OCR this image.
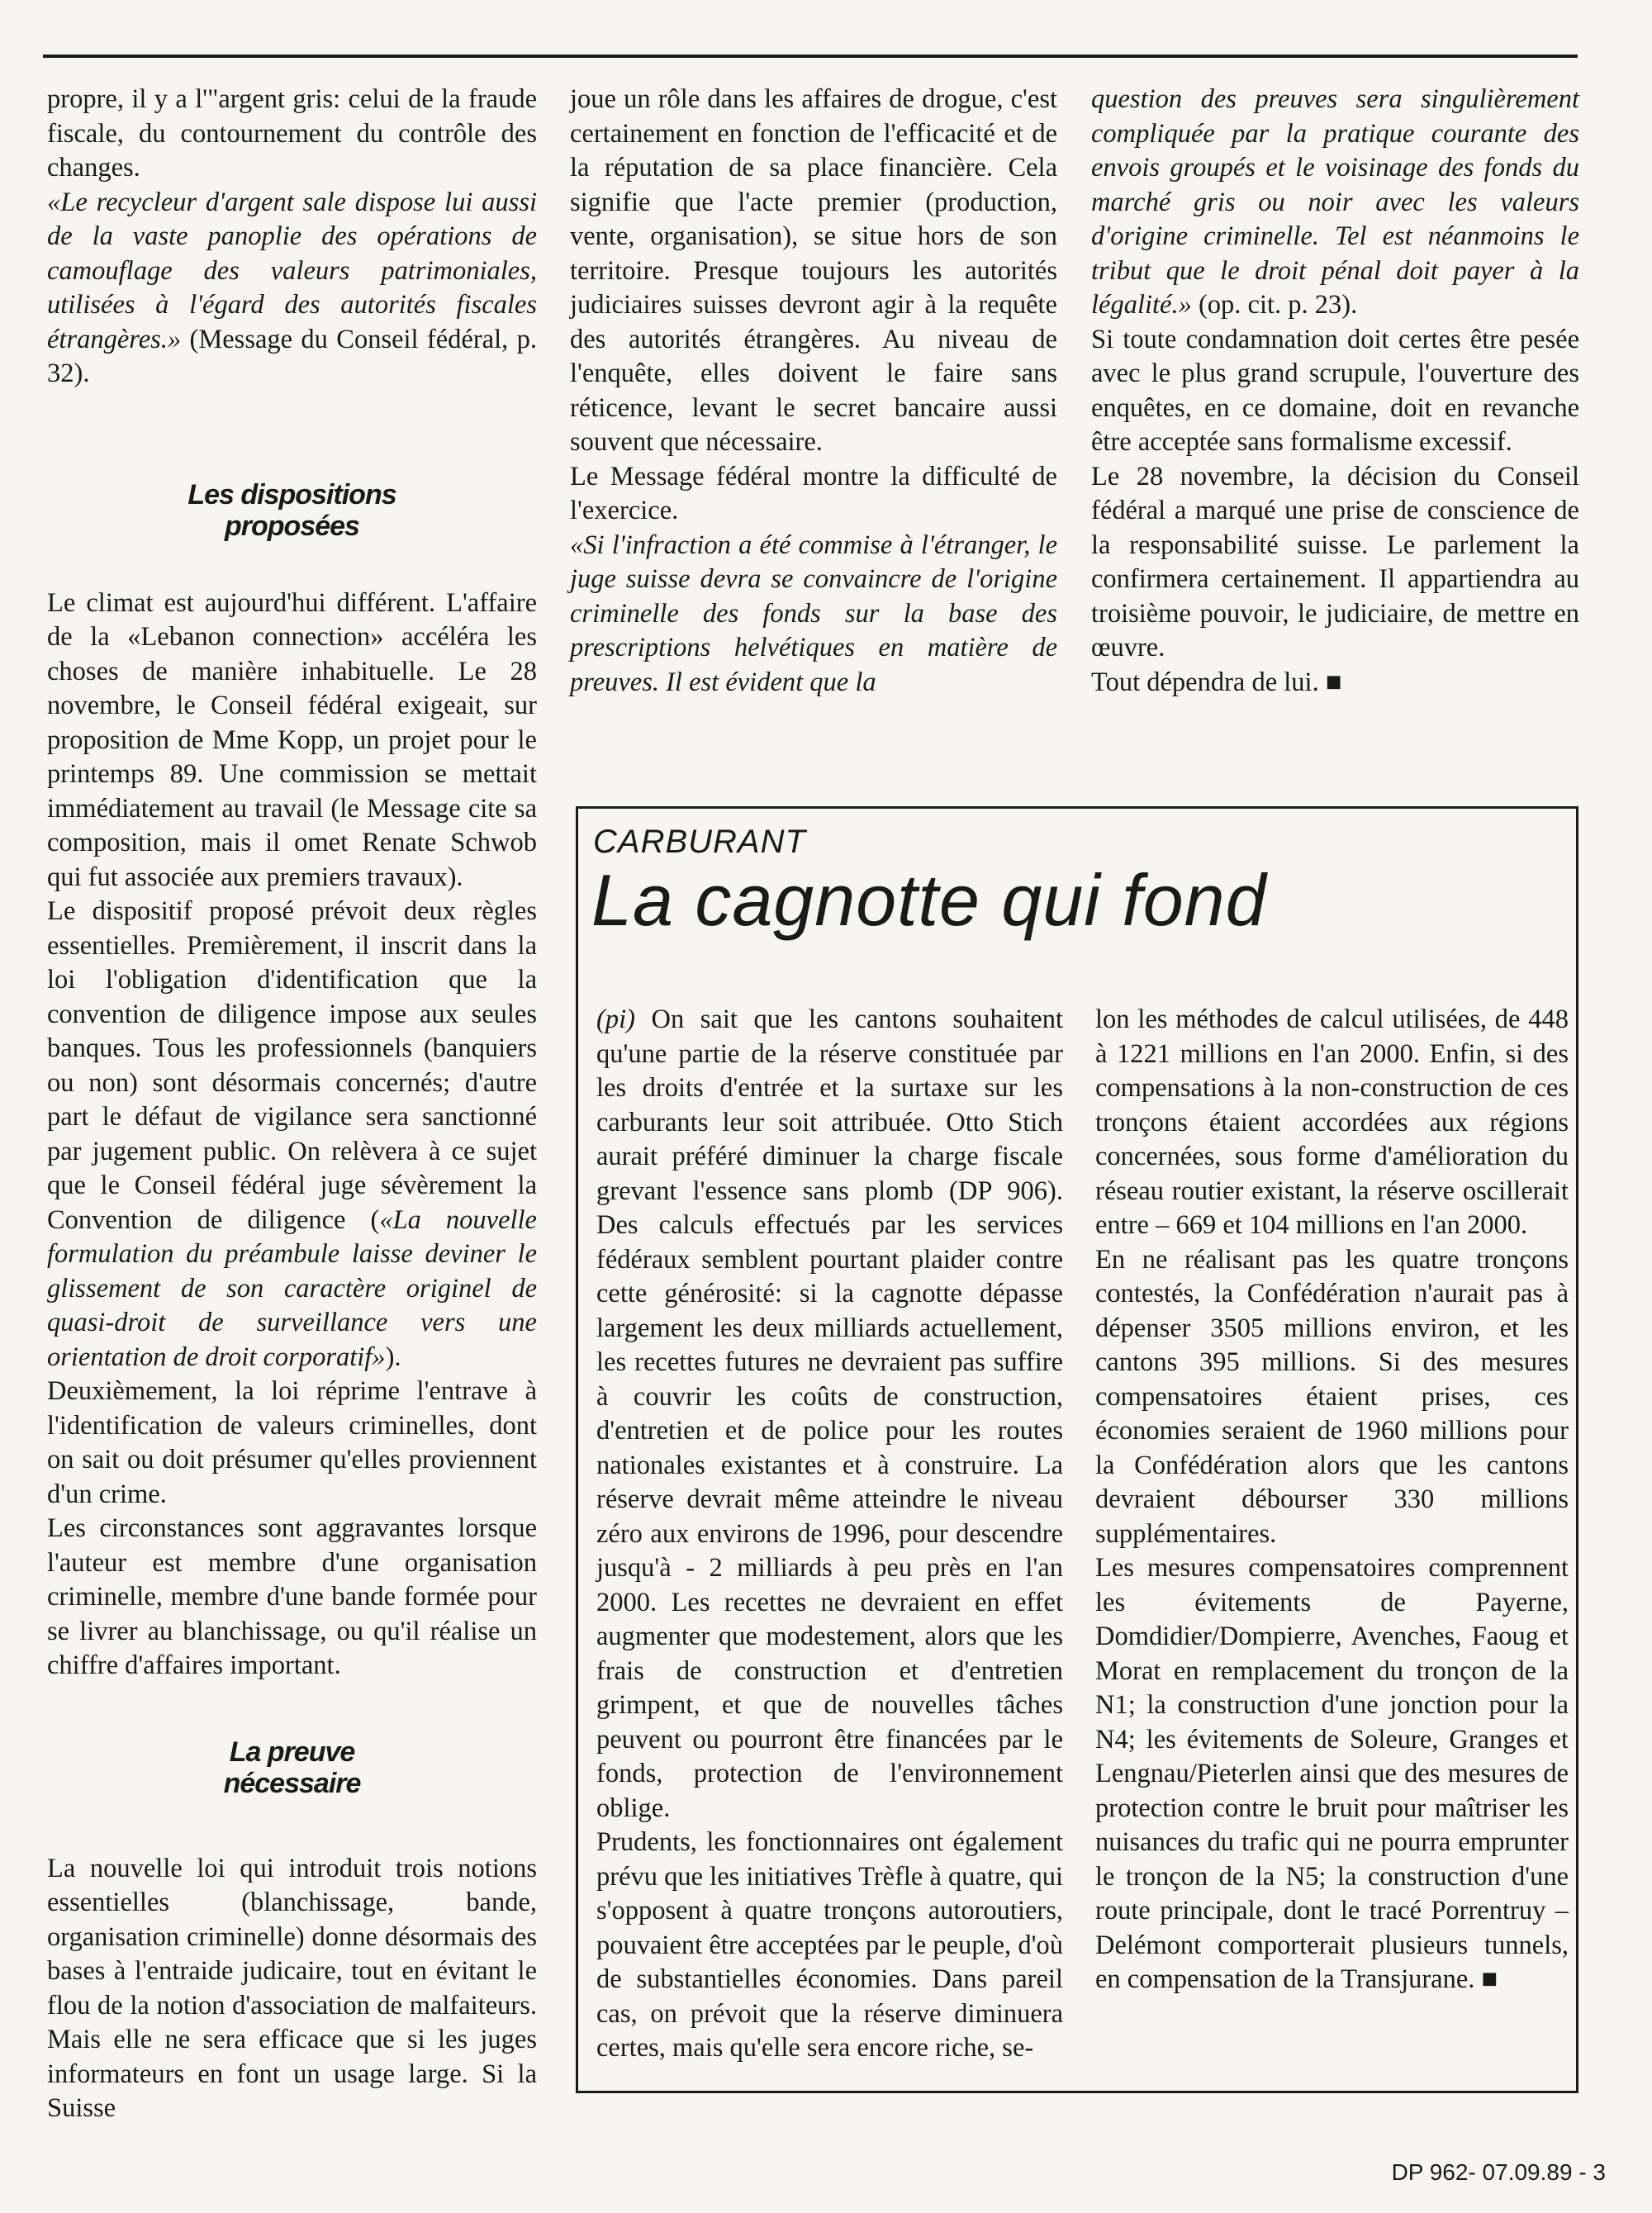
propre, il y a l'"argent gris: celui de la fraude fiscale, du contournement du contrôle des changes.

«Le recycleur d'argent sale dispose lui aussi de la vaste panoplie des opérations de camouflage des valeurs patrimoniales, utilisées à l'égard des autorités fiscales étrangères.» (Message du Conseil fédéral, p. 32).

Les dispositions proposées

Le climat est aujourd'hui différent. L'affaire de la «Lebanon connection» accéléra les choses de manière inhabituelle. Le 28 novembre, le Conseil fédéral exigeait, sur proposition de Mme Kopp, un projet pour le printemps 89. Une commission se mettait immédiatement au travail (le Message cite sa composition, mais il omet Renate Schwob qui fut associée aux premiers travaux).

Le dispositif proposé prévoit deux règles essentielles. Premièrement, il inscrit dans la loi l'obligation d'identification que la convention de diligence impose aux seules banques. Tous les professionnels (banquiers ou non) sont désormais concernés; d'autre part le défaut de vigilance sera sanctionné par jugement public. On relèvera à ce sujet que le Conseil fédéral juge sévèrement la Convention de diligence («La nouvelle formulation du préambule laisse deviner le glissement de son caractère originel de quasi-droit de surveillance vers une orientation de droit corporatif»).

Deuxièmement, la loi réprime l'entrave à l'identification de valeurs criminelles, dont on sait ou doit présumer qu'elles proviennent d'un crime.

Les circonstances sont aggravantes lorsque l'auteur est membre d'une organisation criminelle, membre d'une bande formée pour se livrer au blanchissage, ou qu'il réalise un chiffre d'affaires important.

La preuve nécessaire

La nouvelle loi qui introduit trois notions essentielles (blanchissage, bande, organisation criminelle) donne désormais des bases à l'entraide judicaire, tout en évitant le flou de la notion d'association de malfaiteurs. Mais elle ne sera efficace que si les juges informateurs en font un usage large. Si la Suisse

joue un rôle dans les affaires de drogue, c'est certainement en fonction de l'efficacité et de la réputation de sa place financière. Cela signifie que l'acte premier (production, vente, organisation), se situe hors de son territoire. Presque toujours les autorités judiciaires suisses devront agir à la requête des autorités étrangères. Au niveau de l'enquête, elles doivent le faire sans réticence, levant le secret bancaire aussi souvent que nécessaire.

Le Message fédéral montre la difficulté de l'exercice.

«Si l'infraction a été commise à l'étranger, le juge suisse devra se convaincre de l'origine criminelle des fonds sur la base des prescriptions helvétiques en matière de preuves. Il est évident que la

question des preuves sera singulièrement compliquée par la pratique courante des envois groupés et le voisinage des fonds du marché gris ou noir avec les valeurs d'origine criminelle. Tel est néanmoins le tribut que le droit pénal doit payer à la légalité.» (op. cit. p. 23).

Si toute condamnation doit certes être pesée avec le plus grand scrupule, l'ouverture des enquêtes, en ce domaine, doit en revanche être acceptée sans formalisme excessif.

Le 28 novembre, la décision du Conseil fédéral a marqué une prise de conscience de la responsabilité suisse. Le parlement la confirmera certainement. Il appartiendra au troisième pouvoir, le judiciaire, de mettre en œuvre.

Tout dépendra de lui. ■

CARBURANT
La cagnotte qui fond

(pi) On sait que les cantons souhaitent qu'une partie de la réserve constituée par les droits d'entrée et la surtaxe sur les carburants leur soit attribuée. Otto Stich aurait préféré diminuer la charge fiscale grevant l'essence sans plomb (DP 906). Des calculs effectués par les services fédéraux semblent pourtant plaider contre cette générosité: si la cagnotte dépasse largement les deux milliards actuellement, les recettes futures ne devraient pas suffire à couvrir les coûts de construction, d'entretien et de police pour les routes nationales existantes et à construire. La réserve devrait même atteindre le niveau zéro aux environs de 1996, pour descendre jusqu'à - 2 milliards à peu près en l'an 2000. Les recettes ne devraient en effet augmenter que modestement, alors que les frais de construction et d'entretien grimpent, et que de nouvelles tâches peuvent ou pourront être financées par le fonds, protection de l'environnement oblige.

Prudents, les fonctionnaires ont également prévu que les initiatives Trèfle à quatre, qui s'opposent à quatre tronçons autoroutiers, pouvaient être acceptées par le peuple, d'où de substantielles économies. Dans pareil cas, on prévoit que la réserve diminuera certes, mais qu'elle sera encore riche, se-

lon les méthodes de calcul utilisées, de 448 à 1221 millions en l'an 2000. Enfin, si des compensations à la non-construction de ces tronçons étaient accordées aux régions concernées, sous forme d'amélioration du réseau routier existant, la réserve oscillerait entre – 669 et 104 millions en l'an 2000.

En ne réalisant pas les quatre tronçons contestés, la Confédération n'aurait pas à dépenser 3505 millions environ, et les cantons 395 millions. Si des mesures compensatoires étaient prises, ces économies seraient de 1960 millions pour la Confédération alors que les cantons devraient débourser 330 millions supplémentaires.

Les mesures compensatoires comprennent les évitements de Payerne, Domdidier/Dompierre, Avenches, Faoug et Morat en remplacement du tronçon de la N1; la construction d'une jonction pour la N4; les évitements de Soleure, Granges et Lengnau/Pieterlen ainsi que des mesures de protection contre le bruit pour maîtriser les nuisances du trafic qui ne pourra emprunter le tronçon de la N5; la construction d'une route principale, dont le tracé Porrentruy – Delémont comporterait plusieurs tunnels, en compensation de la Transjurane. ■

DP 962- 07.09.89 - 3
